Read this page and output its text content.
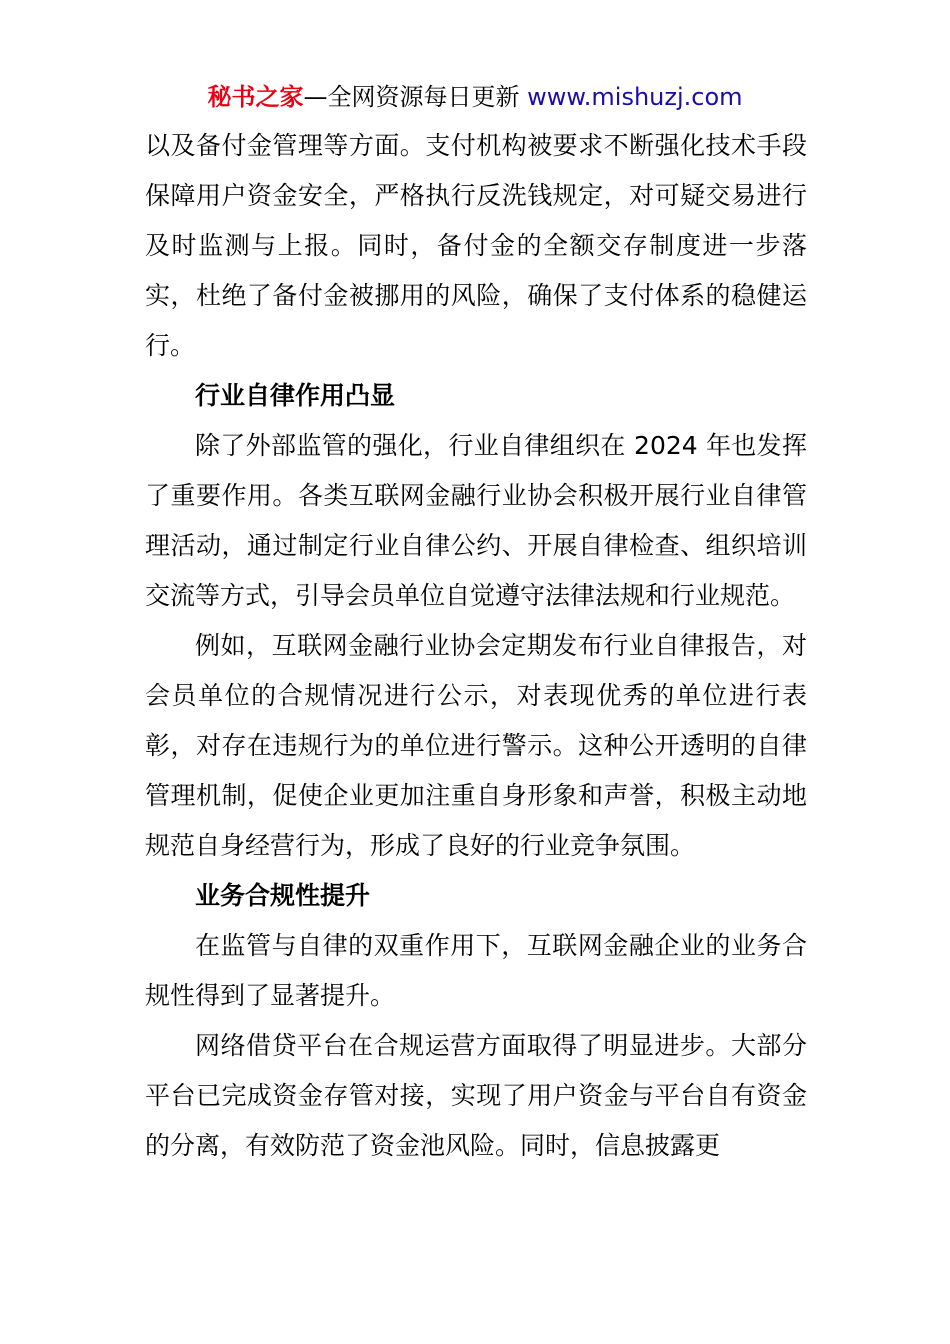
秘书之家—全网资源每日更新 www.mishuzj.com

以及备付金管理等方面。支付机构被要求不断强化技术手段保障用户资金安全，严格执行反洗钱规定，对可疑交易进行及时监测与上报。同时，备付金的全额交存制度进一步落实，杜绝了备付金被挪用的风险，确保了支付体系的稳健运行。

行业自律作用凸显

除了外部监管的强化，行业自律组织在 2024 年也发挥了重要作用。各类互联网金融行业协会积极开展行业自律管理活动，通过制定行业自律公约、开展自律检查、组织培训交流等方式，引导会员单位自觉遵守法律法规和行业规范。

例如，互联网金融行业协会定期发布行业自律报告，对会员单位的合规情况进行公示，对表现优秀的单位进行表彰，对存在违规行为的单位进行警示。这种公开透明的自律管理机制，促使企业更加注重自身形象和声誉，积极主动地规范自身经营行为，形成了良好的行业竞争氛围。

业务合规性提升

在监管与自律的双重作用下，互联网金融企业的业务合规性得到了显著提升。

网络借贷平台在合规运营方面取得了明显进步。大部分平台已完成资金存管对接，实现了用户资金与平台自有资金的分离，有效防范了资金池风险。同时，信息披露更
